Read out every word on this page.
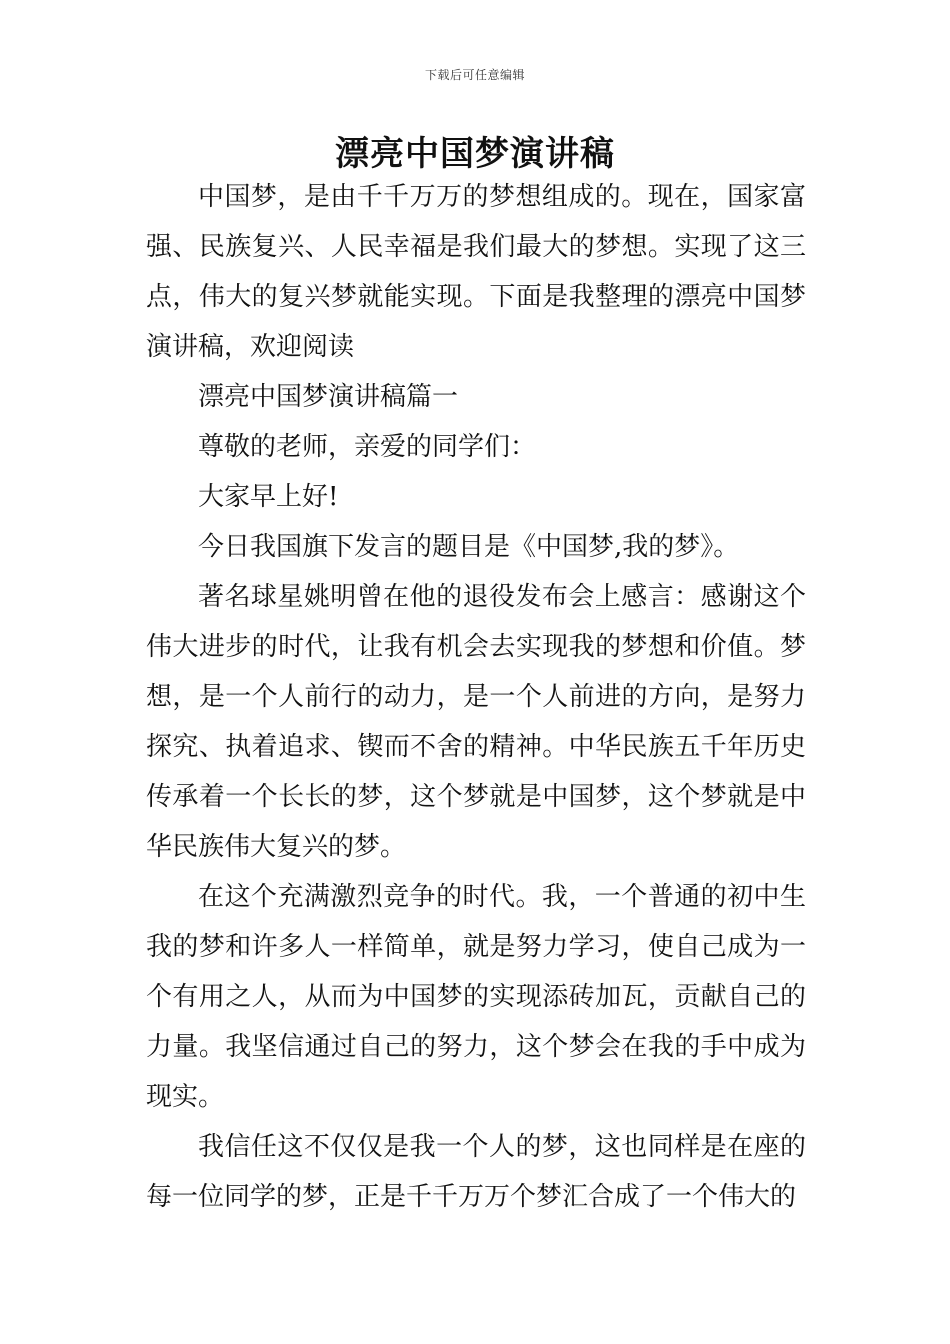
下载后可任意编辑
漂亮中国梦演讲稿

中国梦，是由千千万万的梦想组成的。现在，国家富强、民族复兴、人民幸福是我们最大的梦想。实现了这三点，伟大的复兴梦就能实现。下面是我整理的漂亮中国梦演讲稿，欢迎阅读

漂亮中国梦演讲稿篇一

尊敬的老师，亲爱的同学们：

大家早上好!

今日我国旗下发言的题目是《中国梦,我的梦》。

著名球星姚明曾在他的退役发布会上感言：感谢这个伟大进步的时代，让我有机会去实现我的梦想和价值。梦想，是一个人前行的动力，是一个人前进的方向，是努力探究、执着追求、锲而不舍的精神。中华民族五千年历史传承着一个长长的梦，这个梦就是中国梦，这个梦就是中华民族伟大复兴的梦。

在这个充满激烈竞争的时代。我，一个普通的初中生我的梦和许多人一样简单，就是努力学习，使自己成为一个有用之人，从而为中国梦的实现添砖加瓦，贡献自己的力量。我坚信通过自己的努力，这个梦会在我的手中成为现实。

我信任这不仅仅是我一个人的梦，这也同样是在座的每一位同学的梦，正是千千万万个梦汇合成了一个伟大的
